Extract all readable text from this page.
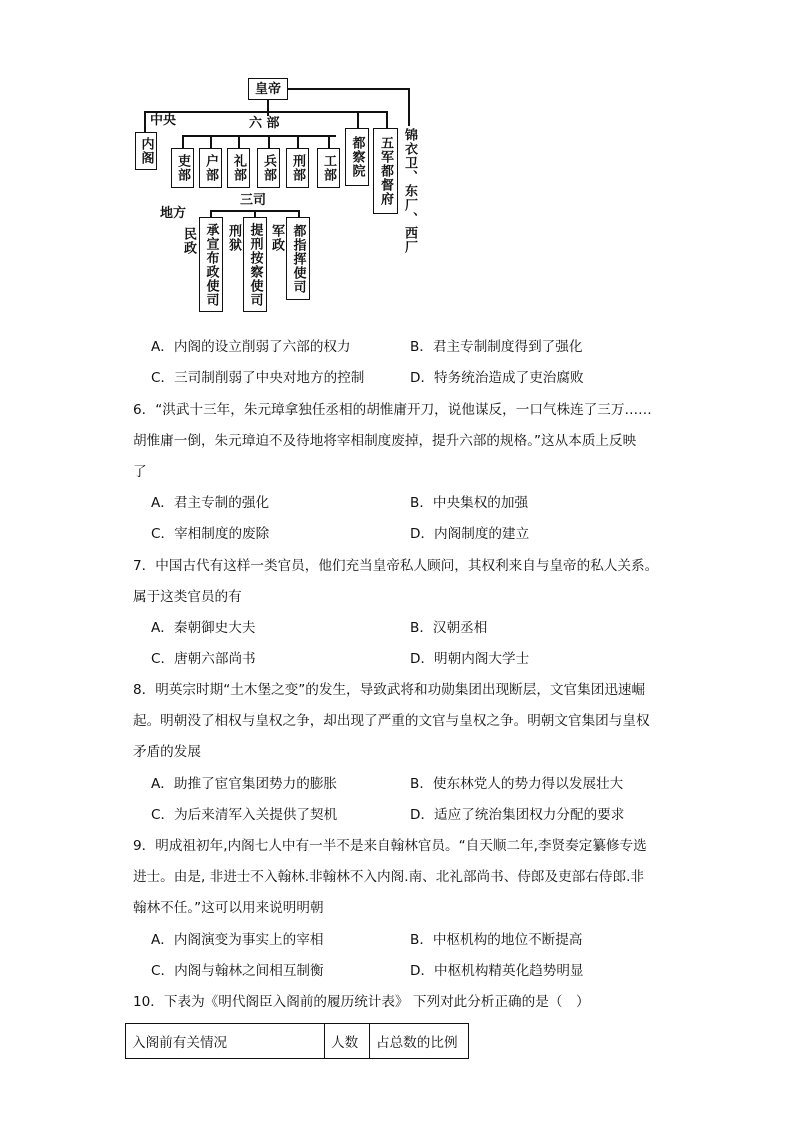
皇帝
锦衣卫、东厂、西厂
中央
内阁
六 部
吏部	户部	礼部	兵部	刑部	工部	都察院	五军都督府
地方
三司
民政 承宣布政使司 刑狱 提刑按察使司 军政 都指挥使司
A．内阁的设立削弱了六部的权力	B．君主专制制度得到了强化
C．三司制削弱了中央对地方的控制	D．特务统治造成了吏治腐败
6．“洪武十三年，朱元璋拿独任丞相的胡惟庸开刀，说他谋反，一口气株连了三万……
胡惟庸一倒，朱元璋迫不及待地将宰相制度废掉，提升六部的规格。”这从本质上反映
了
A．君主专制的强化	B．中央集权的加强
C．宰相制度的废除	D．内阁制度的建立
7．中国古代有这样一类官员，他们充当皇帝私人顾问，其权利来自与皇帝的私人关系。
属于这类官员的有
A．秦朝御史大夫	B．汉朝丞相
C．唐朝六部尚书	D．明朝内阁大学士
8．明英宗时期“土木堡之变”的发生，导致武将和功勋集团出现断层，文官集团迅速崛
起。明朝没了相权与皇权之争，却出现了严重的文官与皇权之争。明朝文官集团与皇权
矛盾的发展
A．助推了宦官集团势力的膨胀	B．使东林党人的势力得以发展壮大
C．为后来清军入关提供了契机	D．适应了统治集团权力分配的要求
9．明成祖初年,内阁七人中有一半不是来自翰林官员。“自天顺二年,李贤奏定纂修专选
进士。由是, 非进士不入翰林.非翰林不入内阁.南、北礼部尚书、侍郎及吏部右侍郎.非
翰林不任。”这可以用来说明明朝
A．内阁演变为事实上的宰相	B．中枢机构的地位不断提高
C．内阁与翰林之间相互制衡	D．中枢机构精英化趋势明显
10．下表为《明代阁臣入阁前的履历统计表》 下列对此分析正确的是（　）
入阁前有关情况	人数	占总数的比例
